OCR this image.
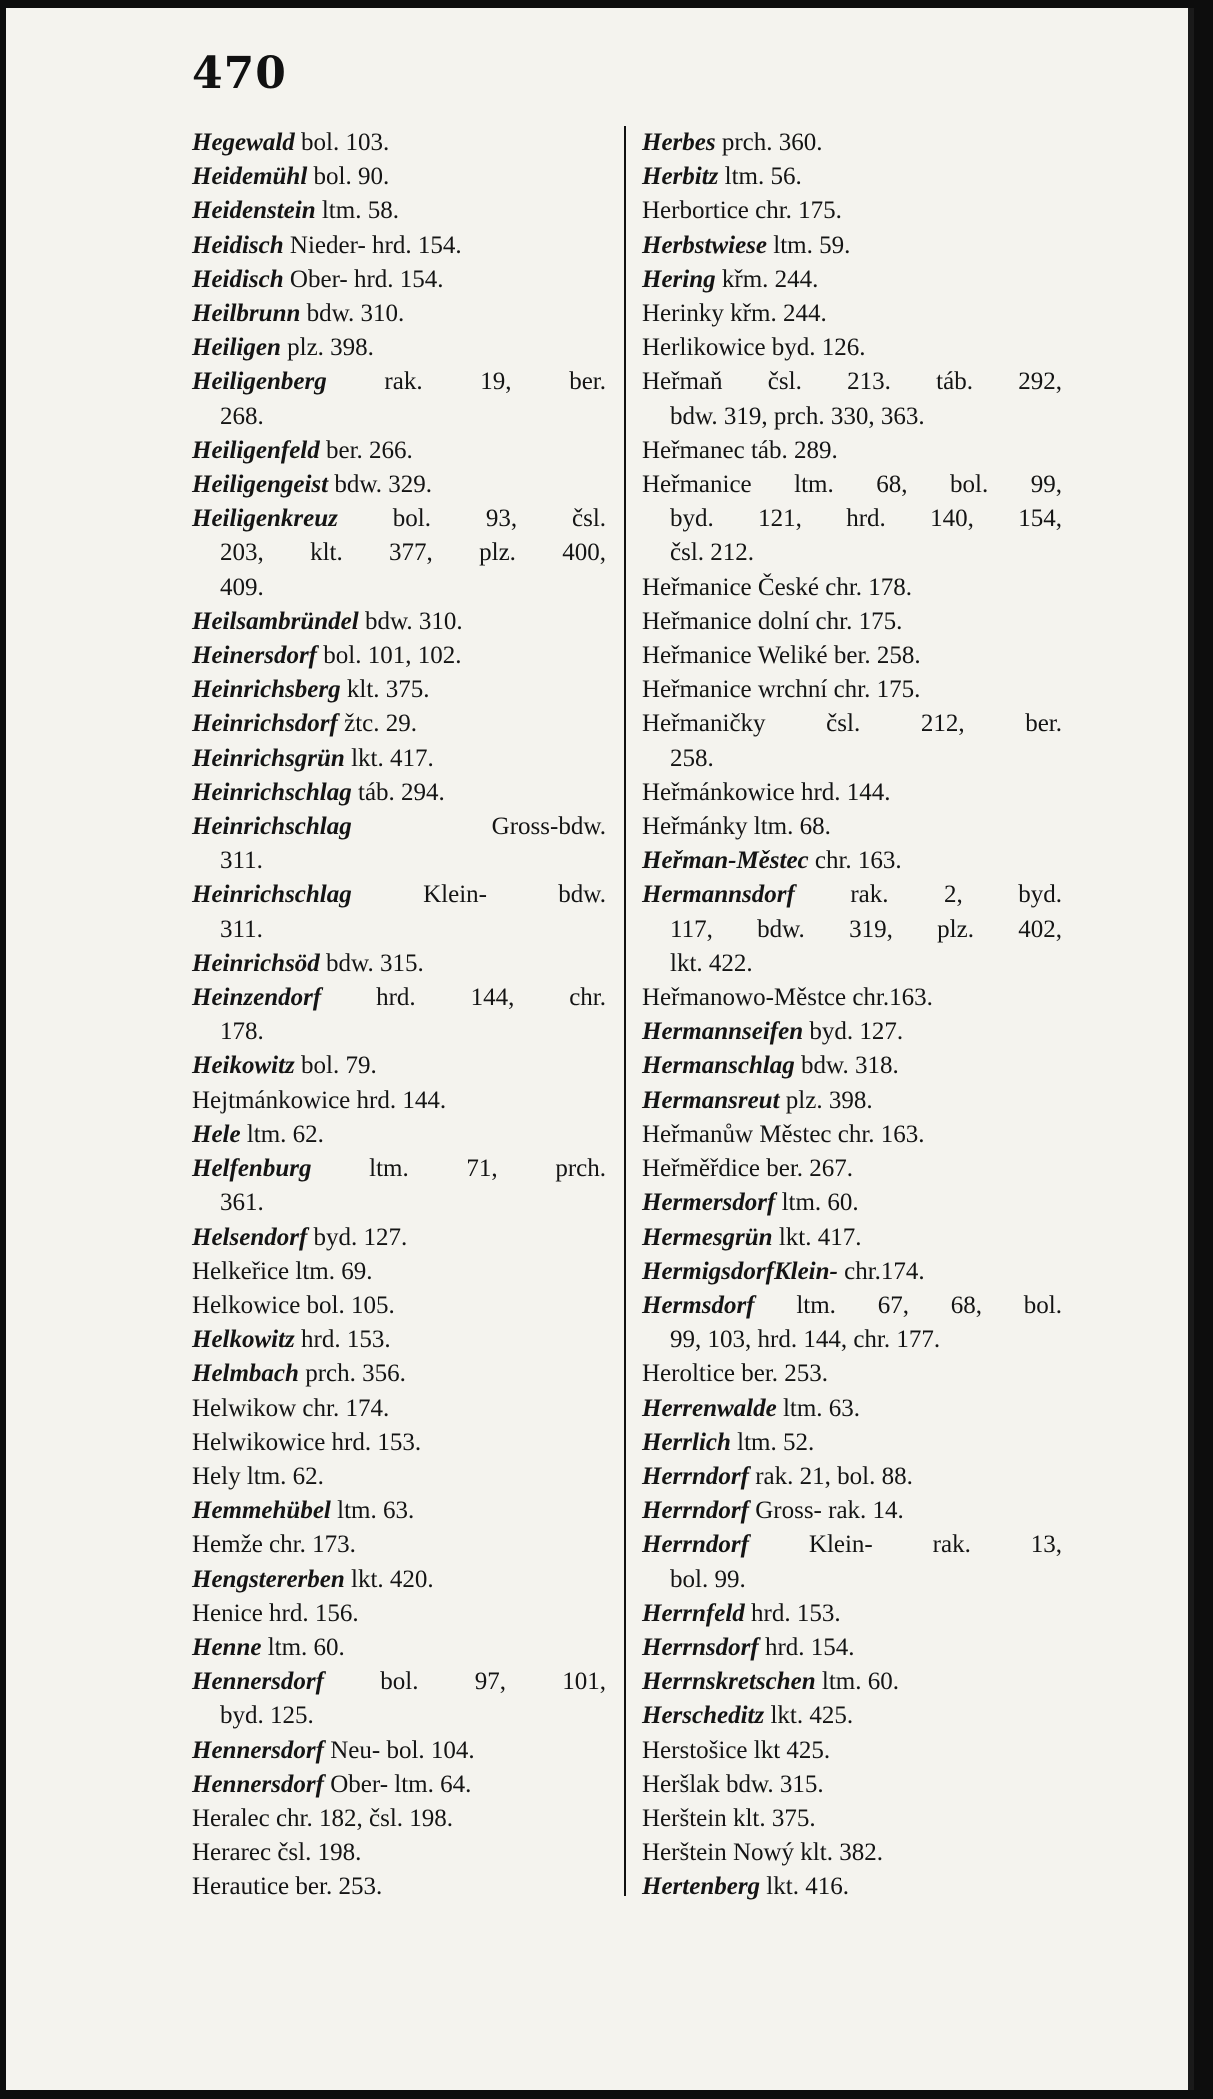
470
Hegewald bol. 103.
Heidemühl bol. 90.
Heidenstein ltm. 58.
Heidisch Nieder- hrd. 154.
Heidisch Ober- hrd. 154.
Heilbrunn bdw. 310.
Heiligen plz. 398.
Heiligenberg rak. 19, ber.
268.
Heiligenfeld ber. 266.
Heiligengeist bdw. 329.
Heiligenkreuz bol. 93, čsl.
203, klt. 377, plz. 400,
409.
Heilsambründel bdw. 310.
Heinersdorf bol. 101, 102.
Heinrichsberg klt. 375.
Heinrichsdorf žtc. 29.
Heinrichsgrün lkt. 417.
Heinrichschlag táb. 294.
Heinrichschlag	Gross-bdw.
311.
Heinrichschlag	Klein- bdw.
311.
Heinrichsöd bdw. 315.
Heinzendorf hrd. 144, chr.
178.
Heikowitz bol. 79.
Hejtmánkowice hrd. 144.
Hele ltm. 62.
Helfenburg ltm. 71, prch.
361.
Helsendorf byd. 127.
Helkeřice ltm. 69.
Helkowice bol. 105.
Helkowitz hrd. 153.
Helmbach prch. 356.
Helwikow chr. 174.
Helwikowice hrd. 153.
Hely ltm. 62.
Hemmehübel ltm. 63.
Hemže chr. 173.
Hengstererben lkt. 420.
Henice hrd. 156.
Henne ltm. 60.
Hennersdorf bol. 97, 101,
byd. 125.
Hennersdorf Neu- bol. 104.
Hennersdorf Ober- ltm. 64.
Heralec chr. 182, čsl. 198.
Herarec čsl. 198.
Herautice ber. 253.
Herbes prch. 360.
Herbitz ltm. 56.
Herbortice chr. 175.
Herbstwiese ltm. 59.
Hering křm. 244.
Herinky křm. 244.
Herlikowice byd. 126.
Heřmaň čsl. 213. táb. 292,
bdw. 319, prch. 330, 363.
Heřmanec táb. 289.
Heřmanice ltm. 68, bol. 99,
byd. 121, hrd. 140, 154,
čsl. 212.
Heřmanice České chr. 178.
Heřmanice dolní chr. 175.
Heřmanice Weliké ber. 258.
Heřmanice wrchní chr. 175.
Heřmaničky čsl. 212, ber.
258.
Heřmánkowice hrd. 144.
Heřmánky ltm. 68.
Heřman-Městec chr. 163.
Hermannsdorf rak. 2, byd.
117, bdw. 319, plz. 402,
lkt. 422.
Heřmanowo-Městce chr.163.
Hermannseifen byd. 127.
Hermanschlag bdw. 318.
Hermansreut plz. 398.
Heřmanůw Městec chr. 163.
Heřměřdice ber. 267.
Hermersdorf ltm. 60.
Hermesgrün lkt. 417.
HermigsdorfKlein- chr.174.
Hermsdorf ltm. 67, 68, bol.
99, 103, hrd. 144, chr. 177.
Heroltice ber. 253.
Herrenwalde ltm. 63.
Herrlich ltm. 52.
Herrndorf rak. 21, bol. 88.
Herrndorf Gross- rak. 14.
Herrndorf Klein- rak. 13,
bol. 99.
Herrnfeld hrd. 153.
Herrnsdorf hrd. 154.
Herrnskretschen ltm. 60.
Herscheditz lkt. 425.
Herstošice lkt 425.
Heršlak bdw. 315.
Herštein klt. 375.
Herštein Nowý klt. 382.
Hertenberg lkt. 416.
